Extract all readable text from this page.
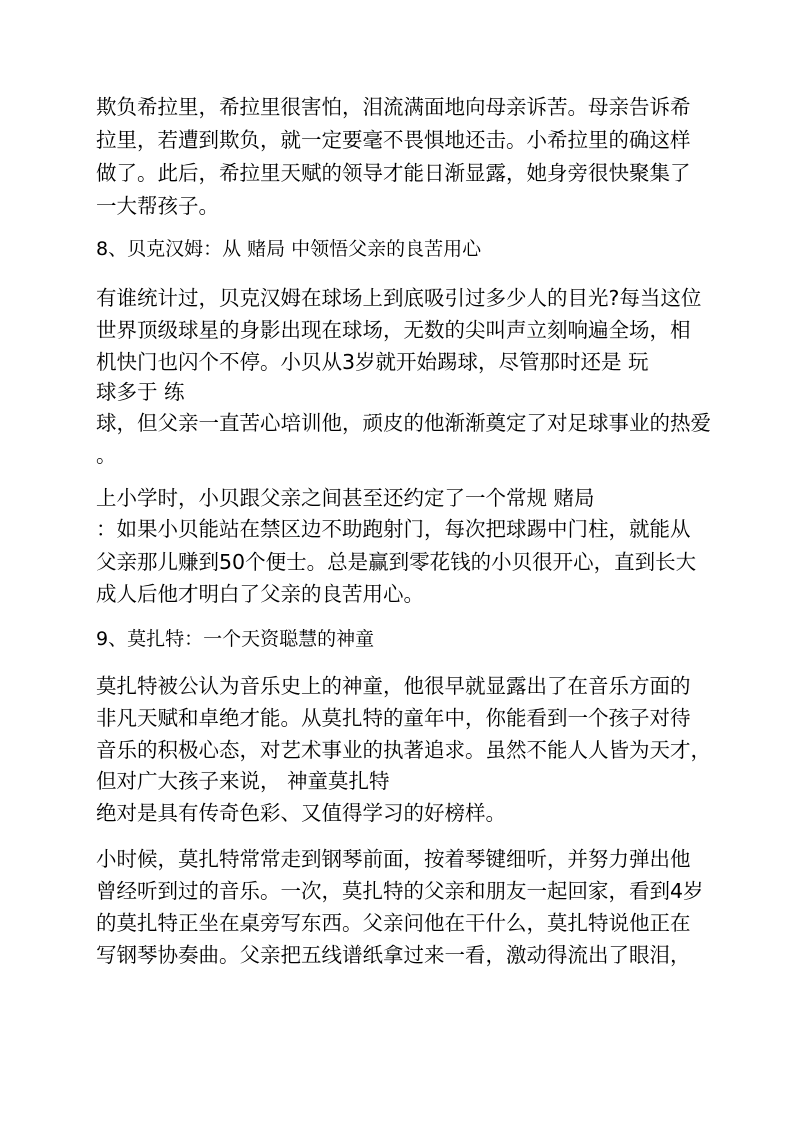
欺负希拉里，希拉里很害怕，泪流满面地向母亲诉苦。母亲告诉希
拉里，若遭到欺负，就一定要毫不畏惧地还击。小希拉里的确这样
做了。此后，希拉里天赋的领导才能日渐显露，她身旁很快聚集了
一大帮孩子。
8、贝克汉姆：从 赌局 中领悟父亲的良苦用心
有谁统计过，贝克汉姆在球场上到底吸引过多少人的目光?每当这位
世界顶级球星的身影出现在球场，无数的尖叫声立刻响遍全场，相
机快门也闪个不停。小贝从3岁就开始踢球，尽管那时还是 玩
球多于 练
球，但父亲一直苦心培训他，顽皮的他渐渐奠定了对足球事业的热爱
。
上小学时，小贝跟父亲之间甚至还约定了一个常规 赌局
：如果小贝能站在禁区边不助跑射门，每次把球踢中门柱，就能从
父亲那儿赚到50个便士。总是赢到零花钱的小贝很开心，直到长大
成人后他才明白了父亲的良苦用心。
9、莫扎特：一个天资聪慧的神童
莫扎特被公认为音乐史上的神童，他很早就显露出了在音乐方面的
非凡天赋和卓绝才能。从莫扎特的童年中，你能看到一个孩子对待
音乐的积极心态，对艺术事业的执著追求。虽然不能人人皆为天才，
但对广大孩子来说， 神童莫扎特
绝对是具有传奇色彩、又值得学习的好榜样。
小时候，莫扎特常常走到钢琴前面，按着琴键细听，并努力弹出他
曾经听到过的音乐。一次，莫扎特的父亲和朋友一起回家，看到4岁
的莫扎特正坐在桌旁写东西。父亲问他在干什么，莫扎特说他正在
写钢琴协奏曲。父亲把五线谱纸拿过来一看，激动得流出了眼泪，
